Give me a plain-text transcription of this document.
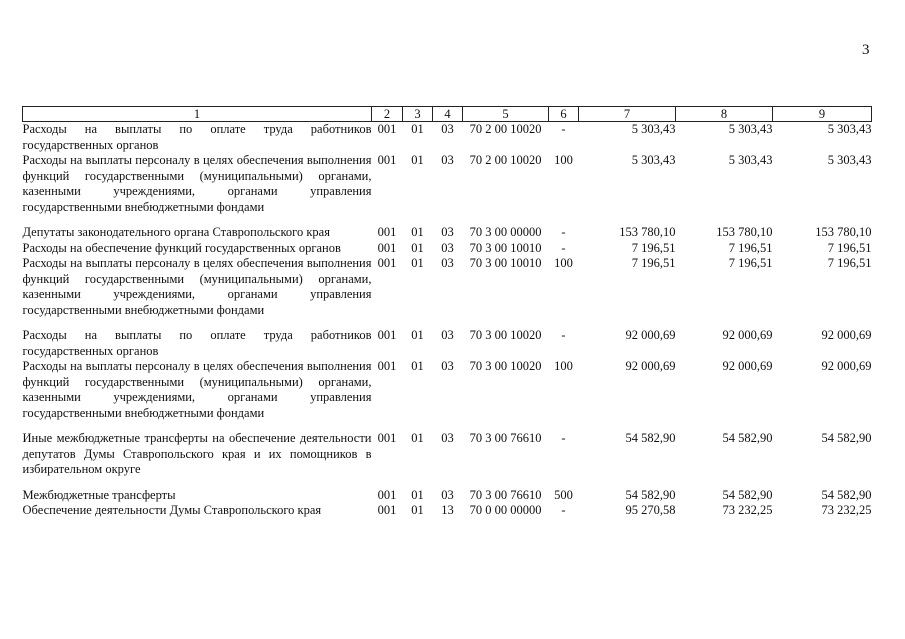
3
1	2	3	4	5	6	7	8	9
Расходы на выплаты по оплате труда работников государственных органов	001	01	03	70 2 00 10020	-	5 303,43	5 303,43	5 303,43
Расходы на выплаты персоналу в целях обеспечения выполнения функций государственными (муниципальными) органами, казенными учреждениями, органами управления государственными внебюджетными фондами	001	01	03	70 2 00 10020	100	5 303,43	5 303,43	5 303,43

Депутаты законодательного органа Ставропольского края	001	01	03	70 3 00 00000	-	153 780,10	153 780,10	153 780,10
Расходы на обеспечение функций государственных органов	001	01	03	70 3 00 10010	-	7 196,51	7 196,51	7 196,51
Расходы на выплаты персоналу в целях обеспечения выполнения функций государственными (муниципальными) органами, казенными учреждениями, органами управления государственными внебюджетными фондами	001	01	03	70 3 00 10010	100	7 196,51	7 196,51	7 196,51

Расходы на выплаты по оплате труда работников государственных органов	001	01	03	70 3 00 10020	-	92 000,69	92 000,69	92 000,69
Расходы на выплаты персоналу в целях обеспечения выполнения функций государственными (муниципальными) органами, казенными учреждениями, органами управления государственными внебюджетными фондами	001	01	03	70 3 00 10020	100	92 000,69	92 000,69	92 000,69

Иные межбюджетные трансферты на обеспечение деятельности депутатов Думы Ставропольского края и их помощников в избирательном округе	001	01	03	70 3 00 76610	-	54 582,90	54 582,90	54 582,90

Межбюджетные трансферты	001	01	03	70 3 00 76610	500	54 582,90	54 582,90	54 582,90
Обеспечение деятельности Думы Ставропольского края	001	01	13	70 0 00 00000	-	95 270,58	73 232,25	73 232,25
